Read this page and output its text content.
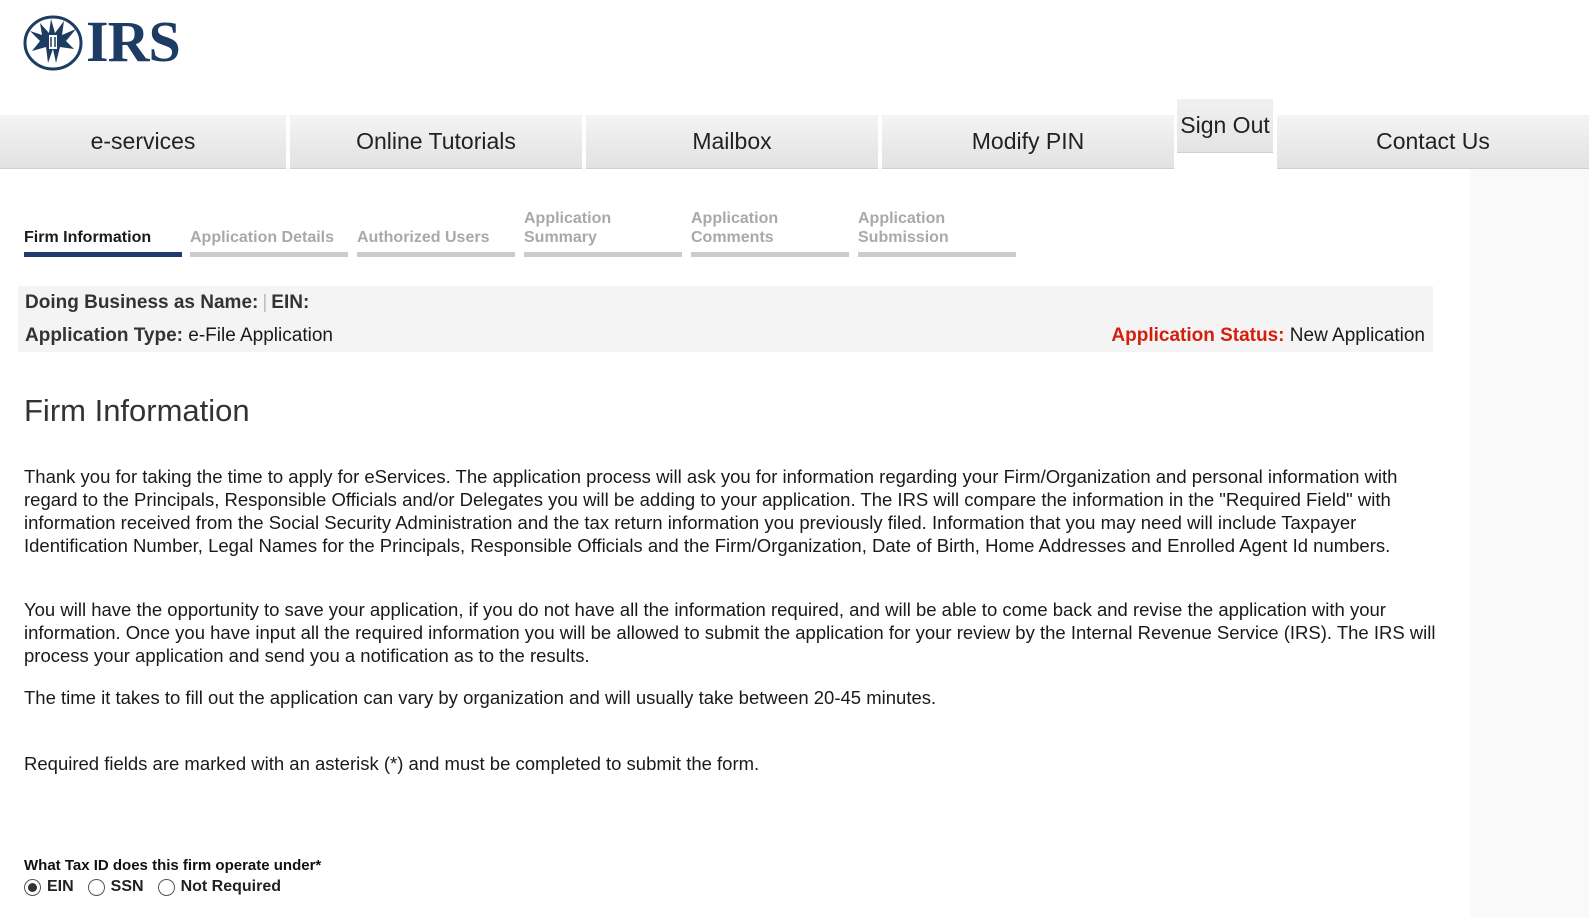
IRS
e-services	Online Tutorials	Mailbox	Modify PIN
Sign Out
Contact Us
Firm Information Application Details Authorized Users
Application
Summary
Application
Comments
Application
Submission
Doing Business as Name: | EIN:
Application Type: e-File Application	Application Status: New Application
Firm Information

Thank you for taking the time to apply for eServices. The application process will ask you for information regarding your Firm/Organization and personal information with regard to the Principals, Responsible Officials and/or Delegates you will be adding to your application. The IRS will compare the information in the "Required Field" with information received from the Social Security Administration and the tax return information you previously filed. Information that you may need will include Taxpayer Identification Number, Legal Names for the Principals, Responsible Officials and the Firm/Organization, Date of Birth, Home Addresses and Enrolled Agent Id numbers.

You will have the opportunity to save your application, if you do not have all the information required, and will be able to come back and revise the application with your information. Once you have input all the required information you will be allowed to submit the application for your review by the Internal Revenue Service (IRS). The IRS will process your application and send you a notification as to the results.

The time it takes to fill out the application can vary by organization and will usually take between 20-45 minutes.

Required fields are marked with an asterisk (*) and must be completed to submit the form.

What Tax ID does this firm operate under*
EIN SSN Not Required
